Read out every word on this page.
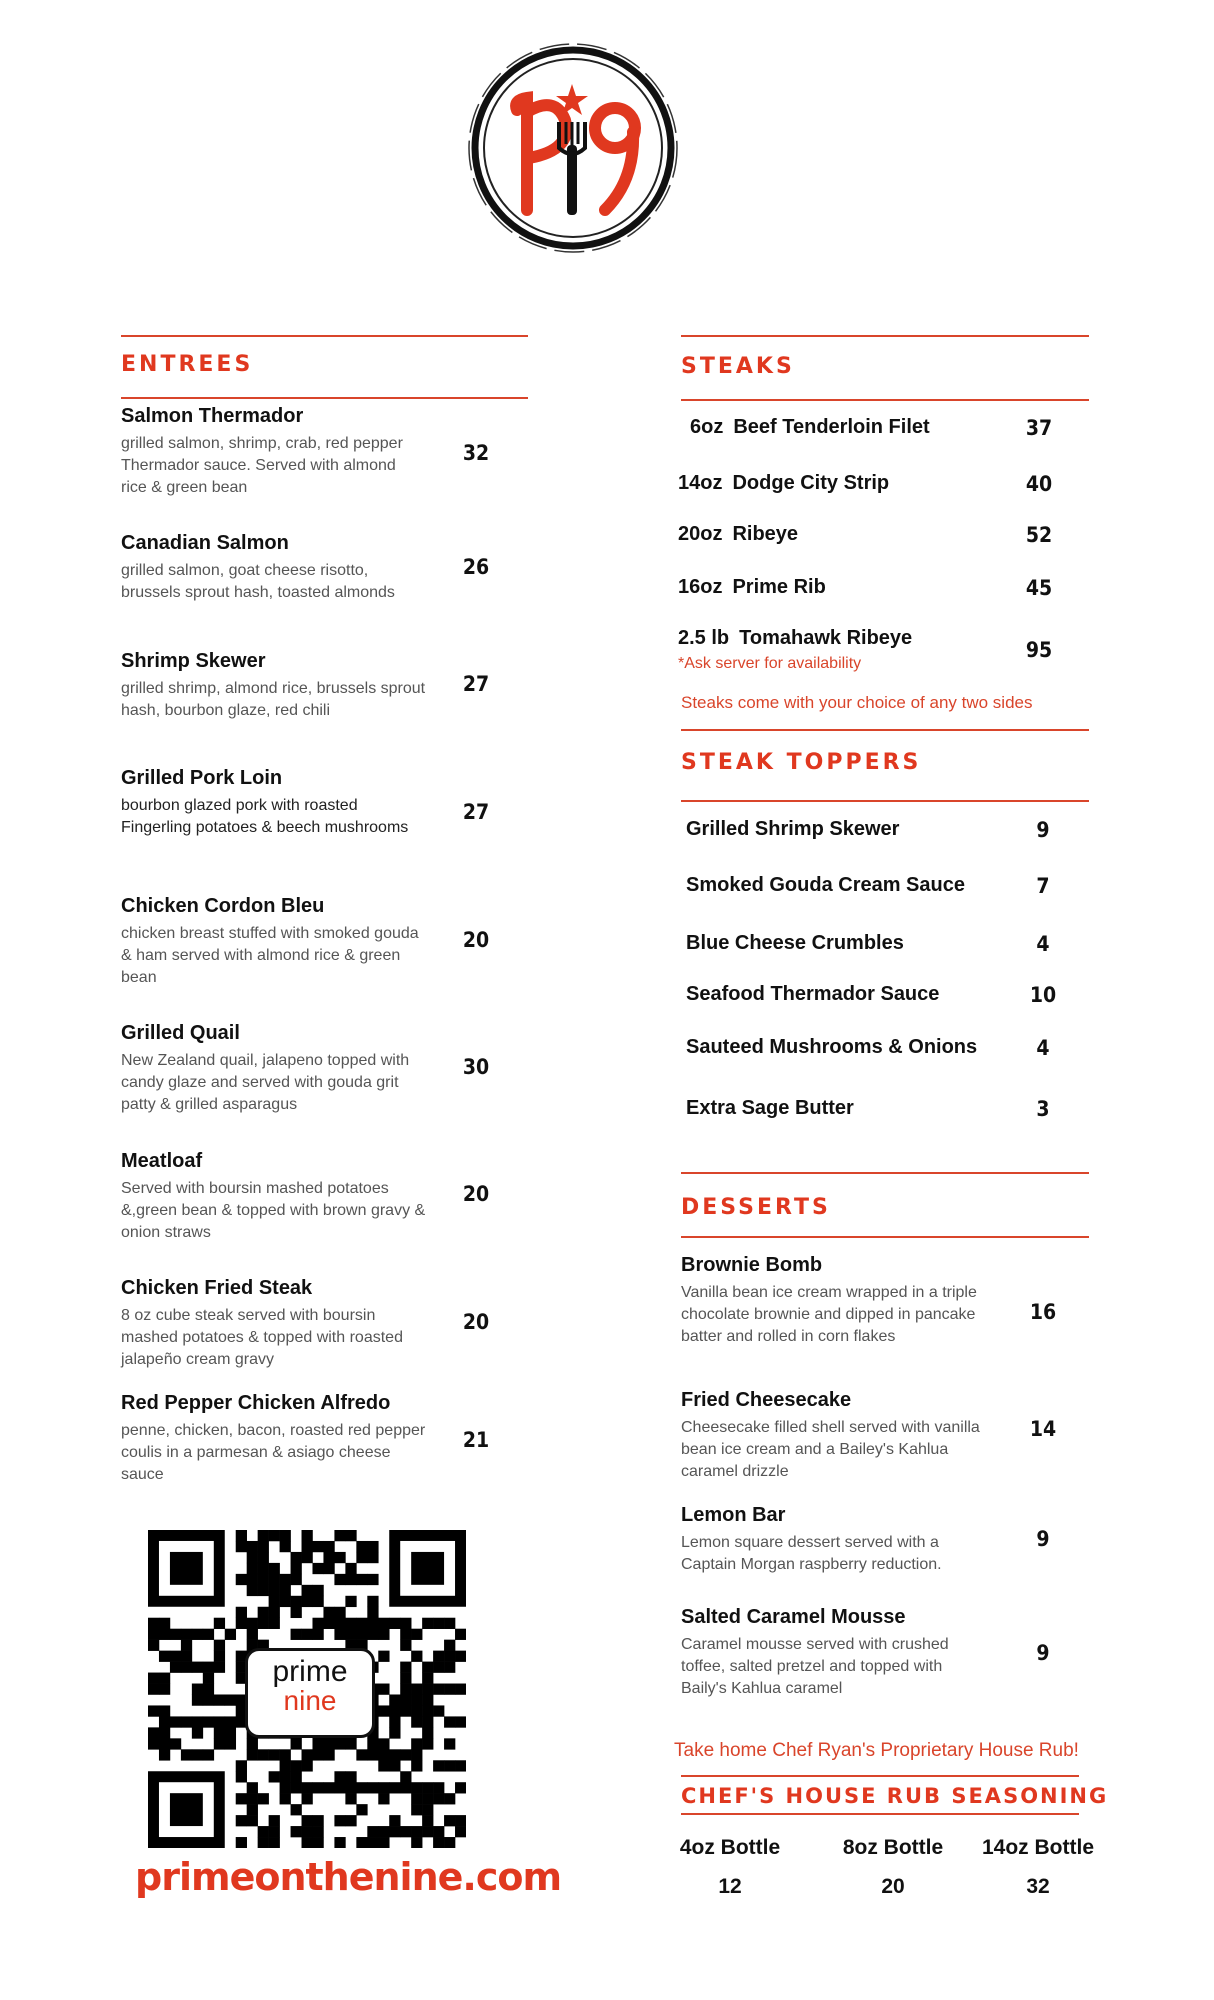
ENTREES
Salmon Thermador
grilled salmon, shrimp, crab, red pepper Thermador sauce. Served with almond rice & green bean
32
Canadian Salmon
grilled salmon, goat cheese risotto, brussels sprout hash, toasted almonds
26
Shrimp Skewer
grilled shrimp, almond rice, brussels sprout hash, bourbon glaze, red chili
27
Grilled Pork Loin
bourbon glazed pork with roasted Fingerling potatoes & beech mushrooms
27
Chicken Cordon Bleu
chicken breast stuffed with smoked gouda & ham served with almond rice & green bean
20
Grilled Quail
New Zealand quail, jalapeno topped with candy glaze and served with gouda grit patty & grilled asparagus
30
Meatloaf
Served with boursin mashed potatoes &,green bean & topped with brown gravy & onion straws
20
Chicken Fried Steak
8 oz cube steak served with boursin mashed potatoes & topped with roasted jalapeño cream gravy
20
Red Pepper Chicken Alfredo
penne, chicken, bacon, roasted red pepper coulis in a parmesan & asiago cheese sauce
21
prime
nine
primeonthenine.com
STEAKS
6oz Beef Tenderloin Filet	37
14oz Dodge City Strip	40
20oz Ribeye	52
16oz Prime Rib	45
2.5 lb Tomahawk Ribeye	95
*Ask server for availability
Steaks come with your choice of any two sides
STEAK TOPPERS
Grilled Shrimp Skewer	9
Smoked Gouda Cream Sauce	7
Blue Cheese Crumbles	4
Seafood Thermador Sauce	10
Sauteed Mushrooms & Onions	4
Extra Sage Butter	3
DESSERTS
Brownie Bomb
Vanilla bean ice cream wrapped in a triple chocolate brownie and dipped in pancake batter and rolled in corn flakes
16
Fried Cheesecake
Cheesecake filled shell served with vanilla bean ice cream and a Bailey's Kahlua caramel drizzle
14
Lemon Bar
Lemon square dessert served with a Captain Morgan raspberry reduction.
9
Salted Caramel Mousse
Caramel mousse served with crushed toffee, salted pretzel and topped with Baily's Kahlua caramel
9
Take home Chef Ryan's Proprietary House Rub!
CHEF'S HOUSE RUB SEASONING
4oz Bottle
12
8oz Bottle
20
14oz Bottle
32
